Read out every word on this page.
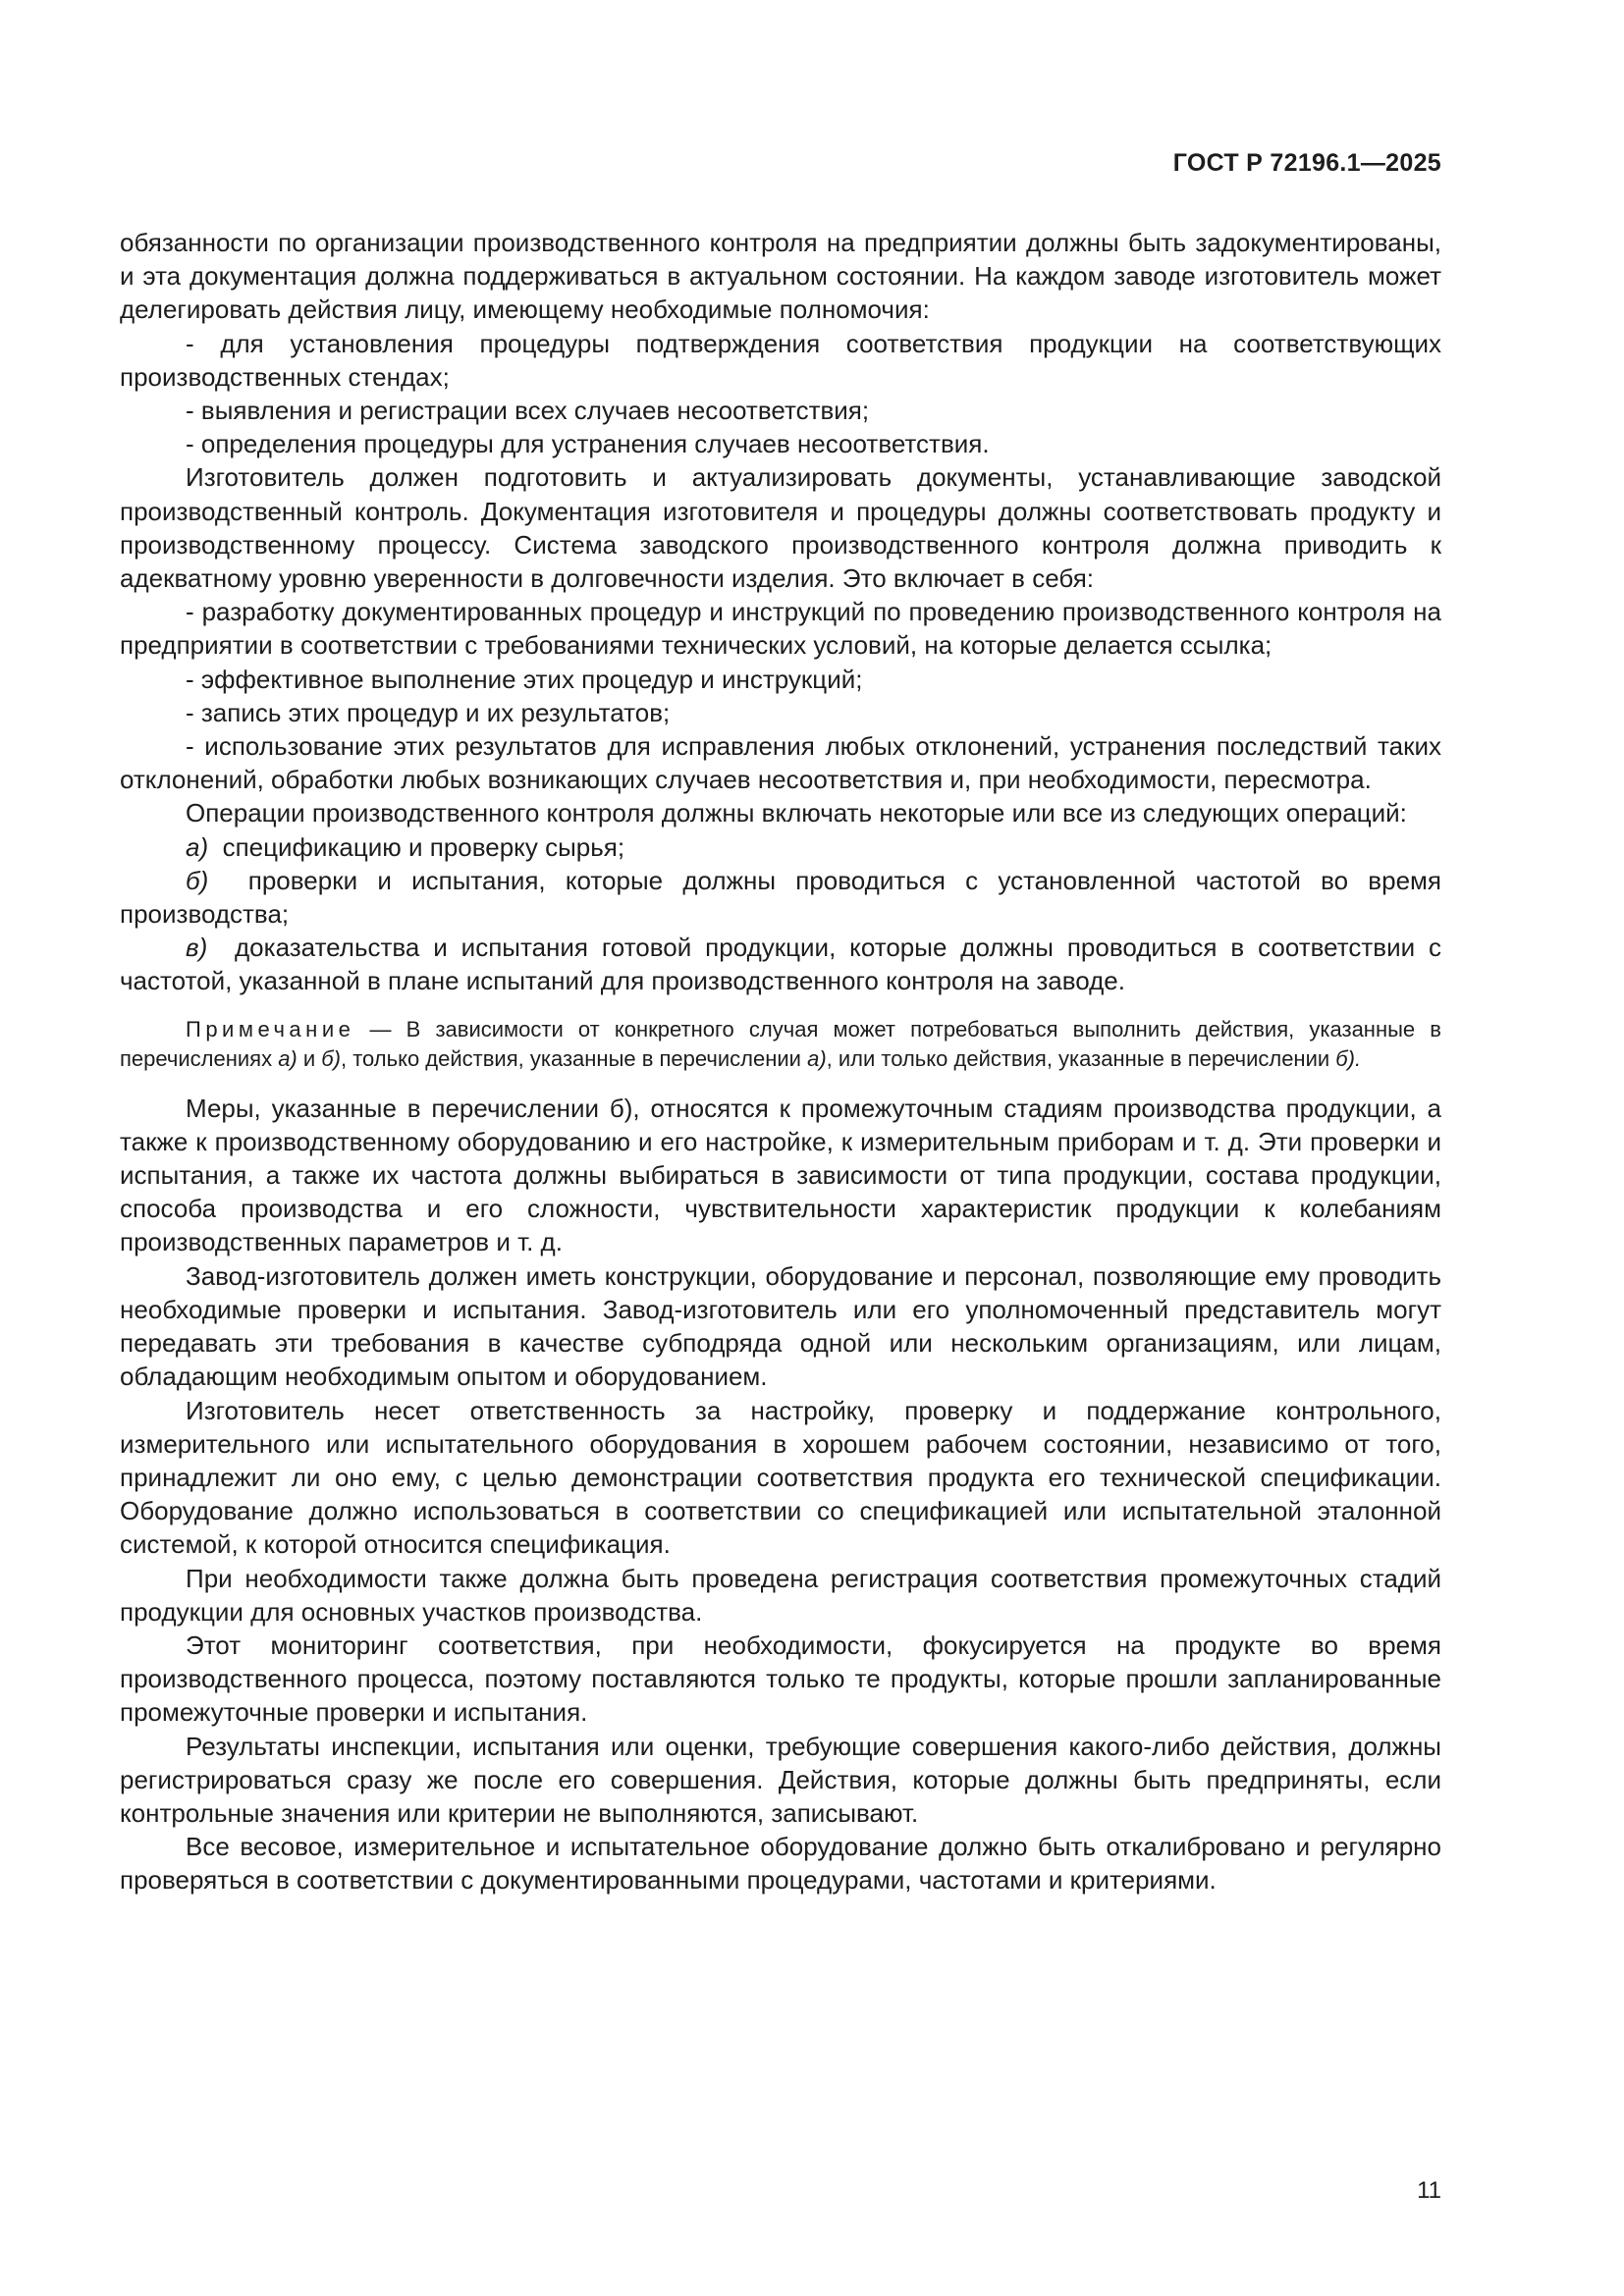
ГОСТ Р 72196.1—2025

обязанности по организации производственного контроля на предприятии должны быть задокументированы, и эта документация должна поддерживаться в актуальном состоянии. На каждом заводе изготовитель может делегировать действия лицу, имеющему необходимые полномочия:

- для установления процедуры подтверждения соответствия продукции на соответствующих производственных стендах;

- выявления и регистрации всех случаев несоответствия;

- определения процедуры для устранения случаев несоответствия.

Изготовитель должен подготовить и актуализировать документы, устанавливающие заводской производственный контроль. Документация изготовителя и процедуры должны соответствовать продукту и производственному процессу. Система заводского производственного контроля должна приводить к адекватному уровню уверенности в долговечности изделия. Это включает в себя:

- разработку документированных процедур и инструкций по проведению производственного контроля на предприятии в соответствии с требованиями технических условий, на которые делается ссылка;

- эффективное выполнение этих процедур и инструкций;

- запись этих процедур и их результатов;

- использование этих результатов для исправления любых отклонений, устранения последствий таких отклонений, обработки любых возникающих случаев несоответствия и, при необходимости, пересмотра.

Операции производственного контроля должны включать некоторые или все из следующих операций:

а) спецификацию и проверку сырья;

б) проверки и испытания, которые должны проводиться с установленной частотой во время производства;

в) доказательства и испытания готовой продукции, которые должны проводиться в соответствии с частотой, указанной в плане испытаний для производственного контроля на заводе.

Примечание — В зависимости от конкретного случая может потребоваться выполнить действия, указанные в перечислениях а) и б), только действия, указанные в перечислении а), или только действия, указанные в перечислении б).

Меры, указанные в перечислении б), относятся к промежуточным стадиям производства продукции, а также к производственному оборудованию и его настройке, к измерительным приборам и т. д. Эти проверки и испытания, а также их частота должны выбираться в зависимости от типа продукции, состава продукции, способа производства и его сложности, чувствительности характеристик продукции к колебаниям производственных параметров и т. д.

Завод-изготовитель должен иметь конструкции, оборудование и персонал, позволяющие ему проводить необходимые проверки и испытания. Завод-изготовитель или его уполномоченный представитель могут передавать эти требования в качестве субподряда одной или нескольким организациям, или лицам, обладающим необходимым опытом и оборудованием.

Изготовитель несет ответственность за настройку, проверку и поддержание контрольного, измерительного или испытательного оборудования в хорошем рабочем состоянии, независимо от того, принадлежит ли оно ему, с целью демонстрации соответствия продукта его технической спецификации. Оборудование должно использоваться в соответствии со спецификацией или испытательной эталонной системой, к которой относится спецификация.

При необходимости также должна быть проведена регистрация соответствия промежуточных стадий продукции для основных участков производства.

Этот мониторинг соответствия, при необходимости, фокусируется на продукте во время производственного процесса, поэтому поставляются только те продукты, которые прошли запланированные промежуточные проверки и испытания.

Результаты инспекции, испытания или оценки, требующие совершения какого-либо действия, должны регистрироваться сразу же после его совершения. Действия, которые должны быть предприняты, если контрольные значения или критерии не выполняются, записывают.

Все весовое, измерительное и испытательное оборудование должно быть откалибровано и регулярно проверяться в соответствии с документированными процедурами, частотами и критериями.

11
